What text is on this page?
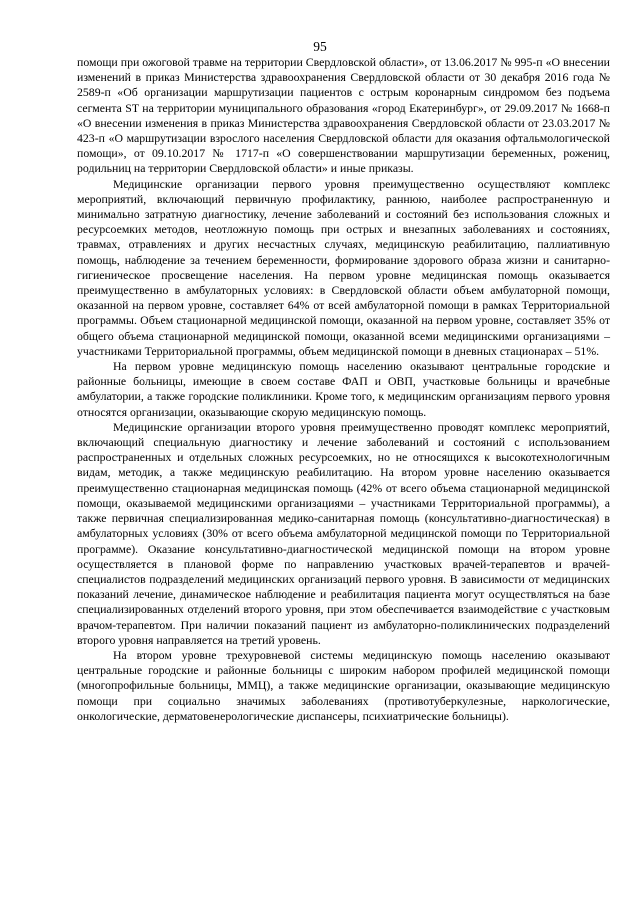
95

помощи при ожоговой травме на территории Свердловской области», от 13.06.2017 № 995-п «О внесении изменений в приказ Министерства здравоохранения Свердловской области от 30 декабря 2016 года № 2589-п «Об организации маршрутизации пациентов с острым коронарным синдромом без подъема сегмента ST на территории муниципального образования «город Екатеринбург», от 29.09.2017 № 1668-п «О внесении изменения в приказ Министерства здравоохранения Свердловской области от 23.03.2017 № 423-п «О маршрутизации взрослого населения Свердловской области для оказания офтальмологической помощи», от 09.10.2017 № 1717-п «О совершенствовании маршрутизации беременных, рожениц, родильниц на территории Свердловской области» и иные приказы.

Медицинские организации первого уровня преимущественно осуществляют комплекс мероприятий, включающий первичную профилактику, раннюю, наиболее распространенную и минимально затратную диагностику, лечение заболеваний и состояний без использования сложных и ресурсоемких методов, неотложную помощь при острых и внезапных заболеваниях и состояниях, травмах, отравлениях и других несчастных случаях, медицинскую реабилитацию, паллиативную помощь, наблюдение за течением беременности, формирование здорового образа жизни и санитарно-гигиеническое просвещение населения. На первом уровне медицинская помощь оказывается преимущественно в амбулаторных условиях: в Свердловской области объем амбулаторной помощи, оказанной на первом уровне, составляет 64% от всей амбулаторной помощи в рамках Территориальной программы. Объем стационарной медицинской помощи, оказанной на первом уровне, составляет 35% от общего объема стационарной медицинской помощи, оказанной всеми медицинскими организациями – участниками Территориальной программы, объем медицинской помощи в дневных стационарах – 51%.

На первом уровне медицинскую помощь населению оказывают центральные городские и районные больницы, имеющие в своем составе ФАП и ОВП, участковые больницы и врачебные амбулатории, а также городские поликлиники. Кроме того, к медицинским организациям первого уровня относятся организации, оказывающие скорую медицинскую помощь.

Медицинские организации второго уровня преимущественно проводят комплекс мероприятий, включающий специальную диагностику и лечение заболеваний и состояний с использованием распространенных и отдельных сложных ресурсоемких, но не относящихся к высокотехнологичным видам, методик, а также медицинскую реабилитацию. На втором уровне населению оказывается преимущественно стационарная медицинская помощь (42% от всего объема стационарной медицинской помощи, оказываемой медицинскими организациями – участниками Территориальной программы), а также первичная специализированная медико-санитарная помощь (консультативно-диагностическая) в амбулаторных условиях (30% от всего объема амбулаторной медицинской помощи по Территориальной программе). Оказание консультативно-диагностической медицинской помощи на втором уровне осуществляется в плановой форме по направлению участковых врачей-терапевтов и врачей-специалистов подразделений медицинских организаций первого уровня. В зависимости от медицинских показаний лечение, динамическое наблюдение и реабилитация пациента могут осуществляться на базе специализированных отделений второго уровня, при этом обеспечивается взаимодействие с участковым врачом-терапевтом. При наличии показаний пациент из амбулаторно-поликлинических подразделений второго уровня направляется на третий уровень.

На втором уровне трехуровневой системы медицинскую помощь населению оказывают центральные городские и районные больницы с широким набором профилей медицинской помощи (многопрофильные больницы, ММЦ), а также медицинские организации, оказывающие медицинскую помощи при социально значимых заболеваниях (противотуберкулезные, наркологические, онкологические, дерматовенерологические диспансеры, психиатрические больницы).
